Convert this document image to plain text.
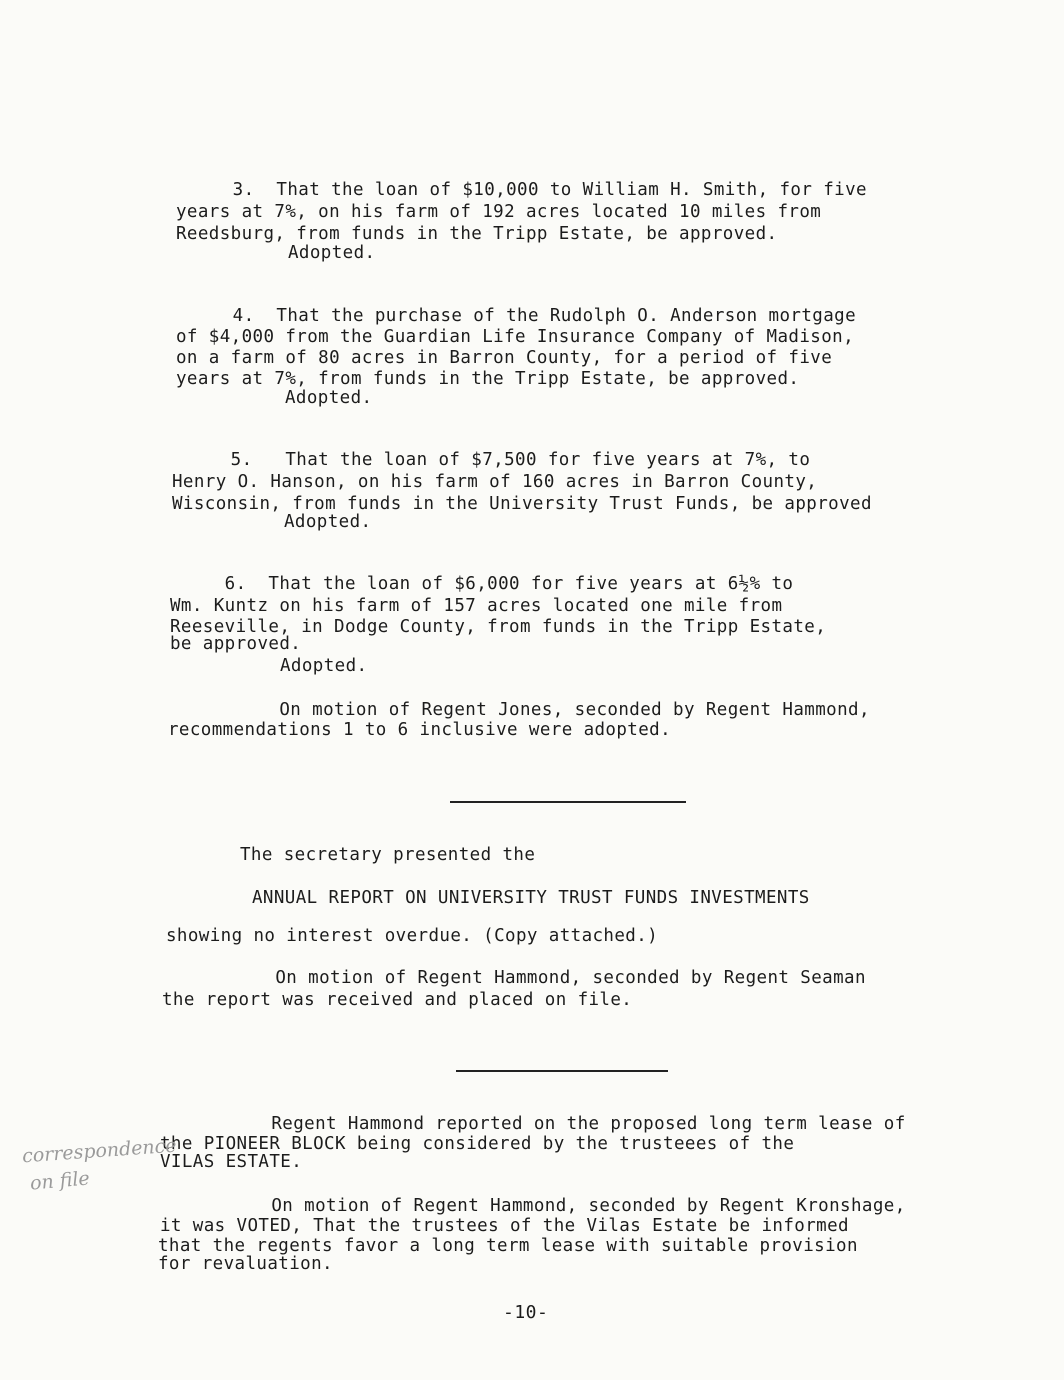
3.  That the loan of $10,000 to William H. Smith, for five
years at 7%, on his farm of 192 acres located 10 miles from
Reedsburg, from funds in the Tripp Estate, be approved.
Adopted.
4.  That the purchase of the Rudolph O. Anderson mortgage
of $4,000 from the Guardian Life Insurance Company of Madison,
on a farm of 80 acres in Barron County, for a period of five
years at 7%, from funds in the Tripp Estate, be approved.
Adopted.
5.   That the loan of $7,500 for five years at 7%, to
Henry O. Hanson, on his farm of 160 acres in Barron County,
Wisconsin, from funds in the University Trust Funds, be approved
Adopted.
6.  That the loan of $6,000 for five years at 6½% to
Wm. Kuntz on his farm of 157 acres located one mile from
Reeseville, in Dodge County, from funds in the Tripp Estate,
be approved.
Adopted.
On motion of Regent Jones, seconded by Regent Hammond,
recommendations 1 to 6 inclusive were adopted.
The secretary presented the
ANNUAL REPORT ON UNIVERSITY TRUST FUNDS INVESTMENTS
showing no interest overdue. (Copy attached.)
On motion of Regent Hammond, seconded by Regent Seaman
the report was received and placed on file.
Regent Hammond reported on the proposed long term lease of
the PIONEER BLOCK being considered by the trusteees of the
VILAS ESTATE.
On motion of Regent Hammond, seconded by Regent Kronshage,
it was VOTED, That the trustees of the Vilas Estate be informed
that the regents favor a long term lease with suitable provision
for revaluation.
correspondence
on file
-10-
